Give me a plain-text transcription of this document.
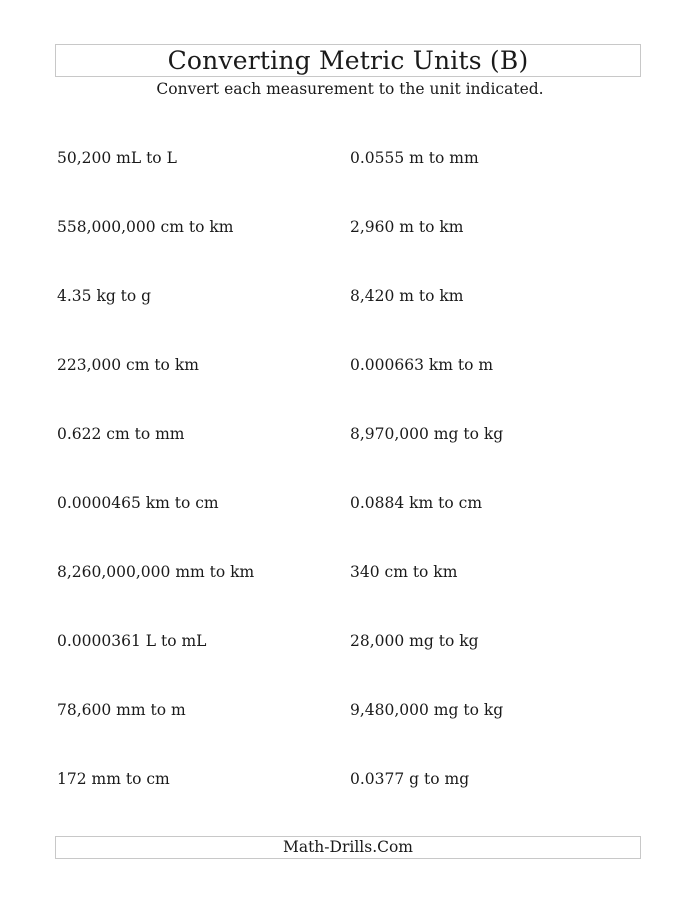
Converting Metric Units (B)
Convert each measurement to the unit indicated.
50,200 mL to L
558,000,000 cm to km
4.35 kg to g
223,000 cm to km
0.622 cm to mm
0.0000465 km to cm
8,260,000,000 mm to km
0.0000361 L to mL
78,600 mm to m
172 mm to cm
0.0555 m to mm
2,960 m to km
8,420 m to km
0.000663 km to m
8,970,000 mg to kg
0.0884 km to cm
340 cm to km
28,000 mg to kg
9,480,000 mg to kg
0.0377 g to mg
Math-Drills.Com
